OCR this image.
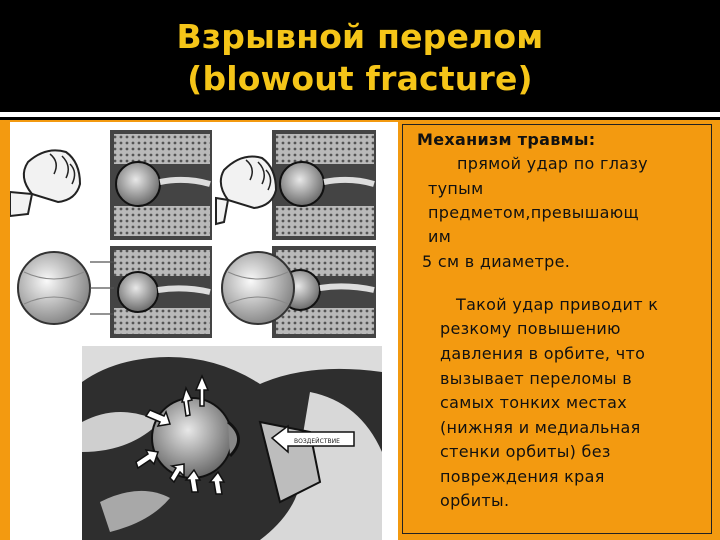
Взрывной перелом
(blowout fracture)
ВОЗДЕЙСТВИЕ
Механизм травмы:
прямой удар по глазу
тупым
предметом,превышающ
им
5 см в диаметре.
Такой удар приводит к
резкому повышению
давления в орбите, что
вызывает переломы в
самых тонких местах
(нижняя и медиальная
стенки орбиты) без
повреждения края
орбиты.
